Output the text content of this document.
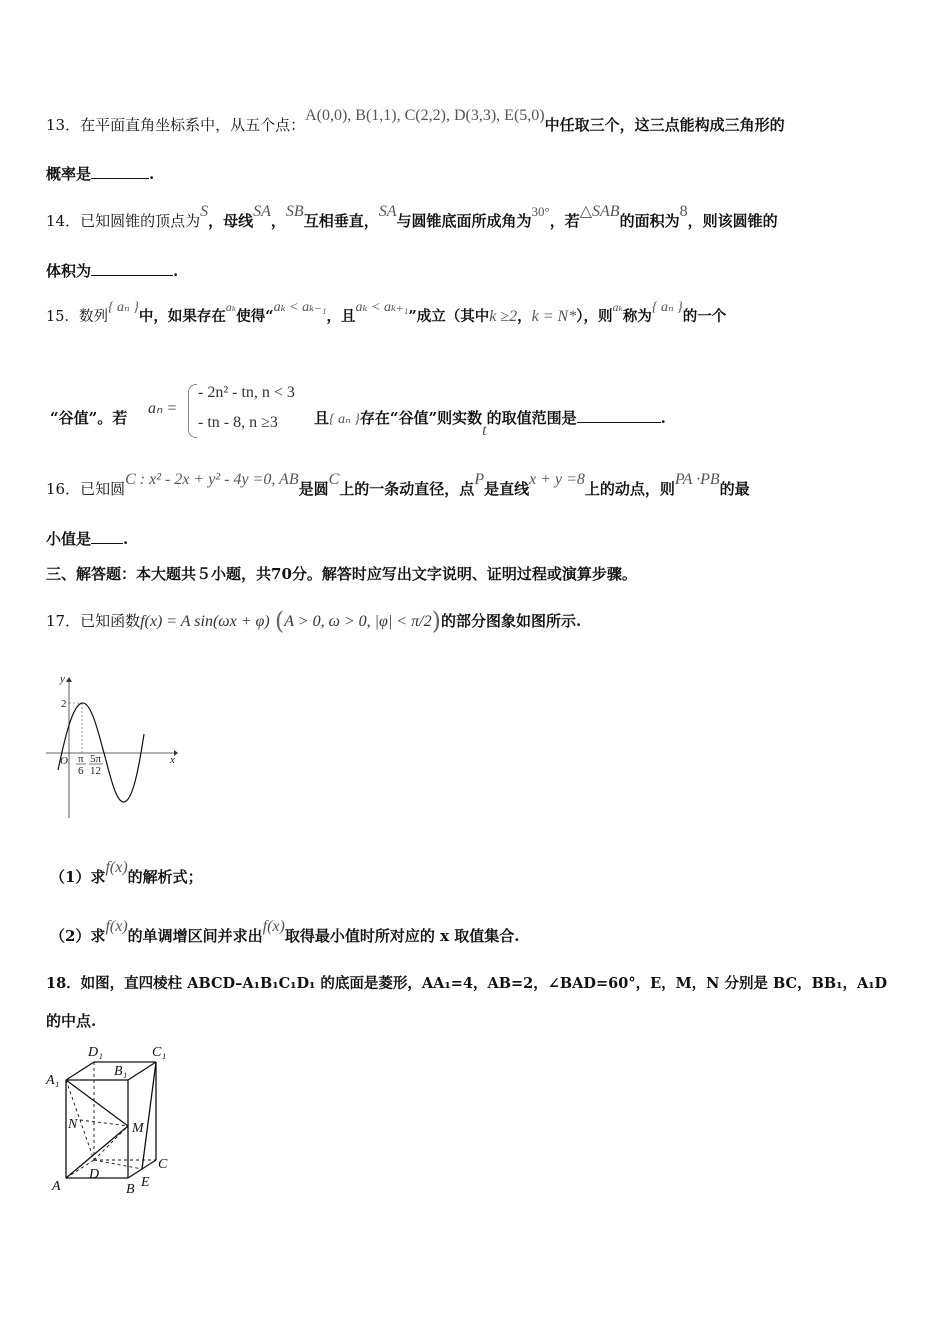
13．在平面直角坐标系中，从五个点：A(0,0), B(1,1), C(2,2), D(3,3), E(5,0)中任取三个，这三点能构成三角形的
概率是	.
14．已知圆锥的顶点为S，母线SA，SB互相垂直，SA与圆锥底面所成角为30°，若△SAB的面积为8，则该圆锥的
体积为	.
15．数列{ aₙ }中，如果存在$^{a_k}$使得“aₖ < aₖ₋₁，且aₖ < aₖ₊₁”成立（其中k ≥2，k = N*），则$^{a_k}$称为{ aₙ }的一个
“谷值”。若
aₙ =
- 2n² - tn, n < 3
- tn - 8, n ≥3 且{ aₙ }存在“谷值”则实数t的取值范围是	.
16．已知圆C : x² - 2x + y² - 4y =0, AB是圆C上的一条动直径，点P是直线x + y =8上的动点，则PA ·PB的最
小值是 .
三、解答题：本大题共５小题，共70分。解答时应写出文字说明、证明过程或演算步骤。
17．已知函数f(x) = A sin(ωx + φ) (A > 0, ω > 0, |φ| < π/2)的部分图象如图所示.
y
x
O
2
π
6
5π
12
（1）求f(x)的解析式；
（2）求f(x)的单调增区间并求出f(x)取得最小值时所对应的 x 取值集合.
18．如图，直四棱柱 ABCD–A₁B₁C₁D₁ 的底面是菱形，AA₁=4，AB=2，∠BAD=60°，E，M，N 分别是 BC，BB₁，A₁D
的中点.
A₁
D₁	C₁
B₁
N	M
D
C
A	B E
